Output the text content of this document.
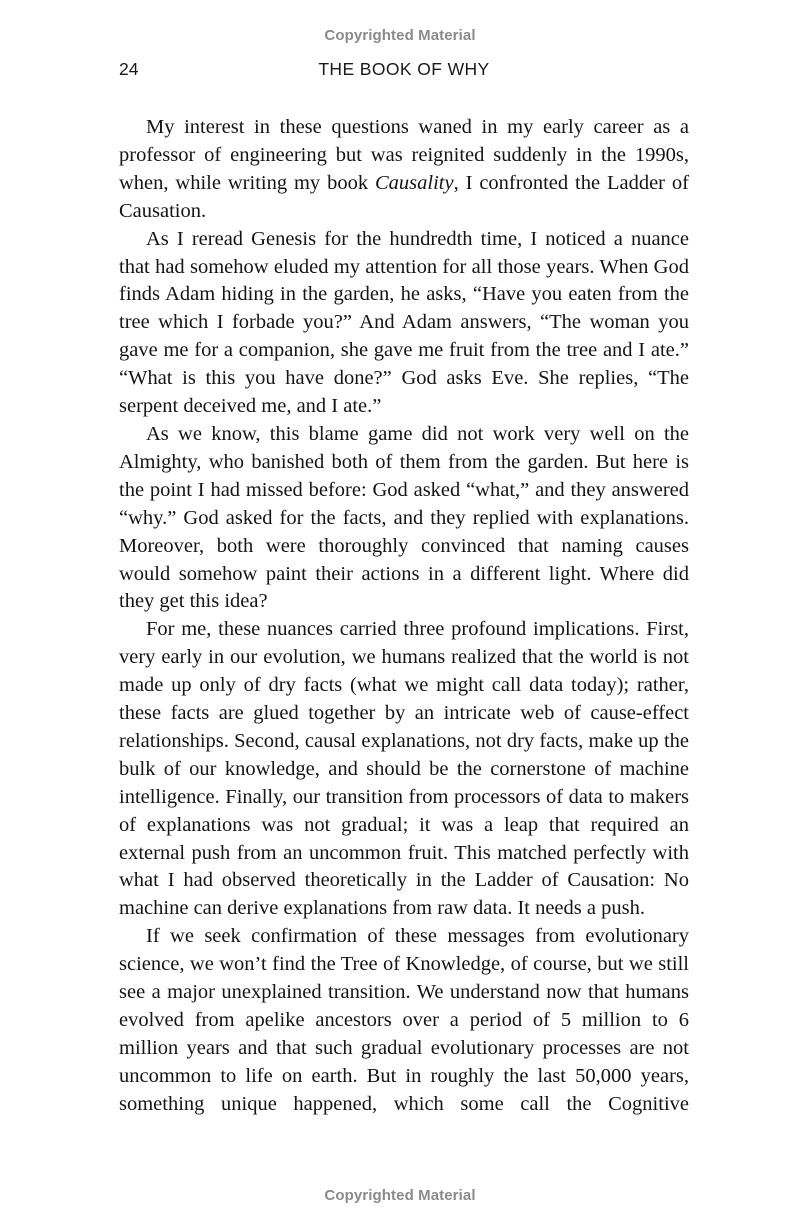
Copyrighted Material
24	THE BOOK OF WHY

My interest in these questions waned in my early career as a professor of engineering but was reignited suddenly in the 1990s, when, while writing my book Causality, I confronted the Ladder of Causation.

As I reread Genesis for the hundredth time, I noticed a nuance that had somehow eluded my attention for all those years. When God finds Adam hiding in the garden, he asks, “Have you eaten from the tree which I forbade you?” And Adam answers, “The woman you gave me for a companion, she gave me fruit from the tree and I ate.” “What is this you have done?” God asks Eve. She replies, “The serpent deceived me, and I ate.”

As we know, this blame game did not work very well on the Almighty, who banished both of them from the garden. But here is the point I had missed before: God asked “what,” and they answered “why.” God asked for the facts, and they replied with explanations. Moreover, both were thoroughly convinced that naming causes would somehow paint their actions in a different light. Where did they get this idea?

For me, these nuances carried three profound implications. First, very early in our evolution, we humans realized that the world is not made up only of dry facts (what we might call data today); rather, these facts are glued together by an intricate web of cause-effect relationships. Second, causal explanations, not dry facts, make up the bulk of our knowledge, and should be the cornerstone of machine intelligence. Finally, our transition from processors of data to makers of explanations was not gradual; it was a leap that required an external push from an uncommon fruit. This matched perfectly with what I had observed theoretically in the Ladder of Causation: No machine can derive explanations from raw data. It needs a push.

If we seek confirmation of these messages from evolutionary science, we won’t find the Tree of Knowledge, of course, but we still see a major unexplained transition. We understand now that humans evolved from apelike ancestors over a period of 5 million to 6 million years and that such gradual evolutionary processes are not uncommon to life on earth. But in roughly the last 50,000 years, something unique happened, which some call the Cognitive

Copyrighted Material
